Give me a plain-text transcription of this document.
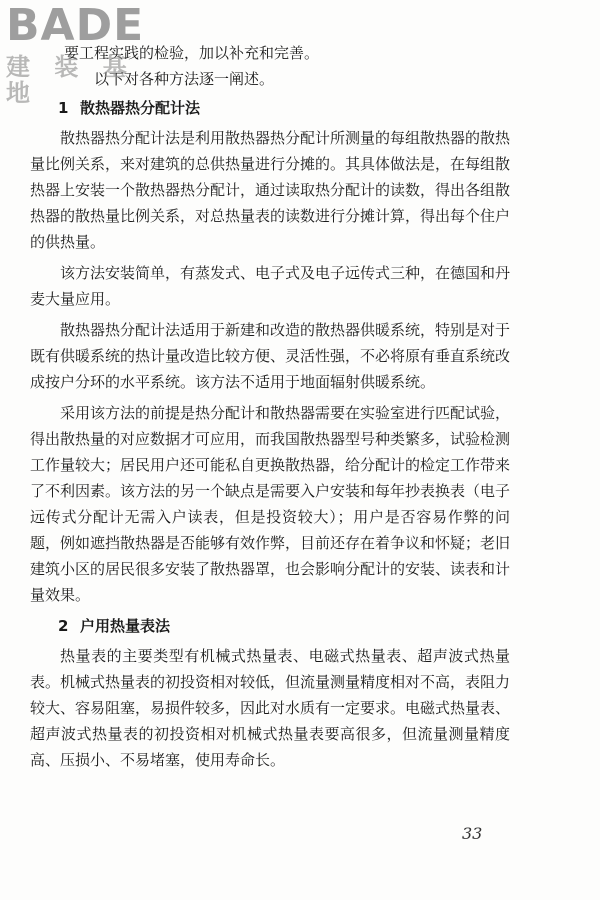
BADE
建 装 基 地
要工程实践的检验，加以补充和完善。
以下对各种方法逐一阐述。
1 散热器热分配计法

散热器热分配计法是利用散热器热分配计所测量的每组散热器的散热量比例关系，来对建筑的总供热量进行分摊的。其具体做法是，在每组散热器上安装一个散热器热分配计，通过读取热分配计的读数，得出各组散热器的散热量比例关系，对总热量表的读数进行分摊计算，得出每个住户的供热量。

该方法安装简单，有蒸发式、电子式及电子远传式三种，在德国和丹麦大量应用。

散热器热分配计法适用于新建和改造的散热器供暖系统，特别是对于既有供暖系统的热计量改造比较方便、灵活性强，不必将原有垂直系统改成按户分环的水平系统。该方法不适用于地面辐射供暖系统。

采用该方法的前提是热分配计和散热器需要在实验室进行匹配试验，得出散热量的对应数据才可应用，而我国散热器型号种类繁多，试验检测工作量较大；居民用户还可能私自更换散热器，给分配计的检定工作带来了不利因素。该方法的另一个缺点是需要入户安装和每年抄表换表（电子远传式分配计无需入户读表，但是投资较大）；用户是否容易作弊的问题，例如遮挡散热器是否能够有效作弊，目前还存在着争议和怀疑；老旧建筑小区的居民很多安装了散热器罩，也会影响分配计的安装、读表和计量效果。

2 户用热量表法

热量表的主要类型有机械式热量表、电磁式热量表、超声波式热量表。机械式热量表的初投资相对较低，但流量测量精度相对不高，表阻力较大、容易阻塞，易损件较多，因此对水质有一定要求。电磁式热量表、超声波式热量表的初投资相对机械式热量表要高很多，但流量测量精度高、压损小、不易堵塞，使用寿命长。

33
